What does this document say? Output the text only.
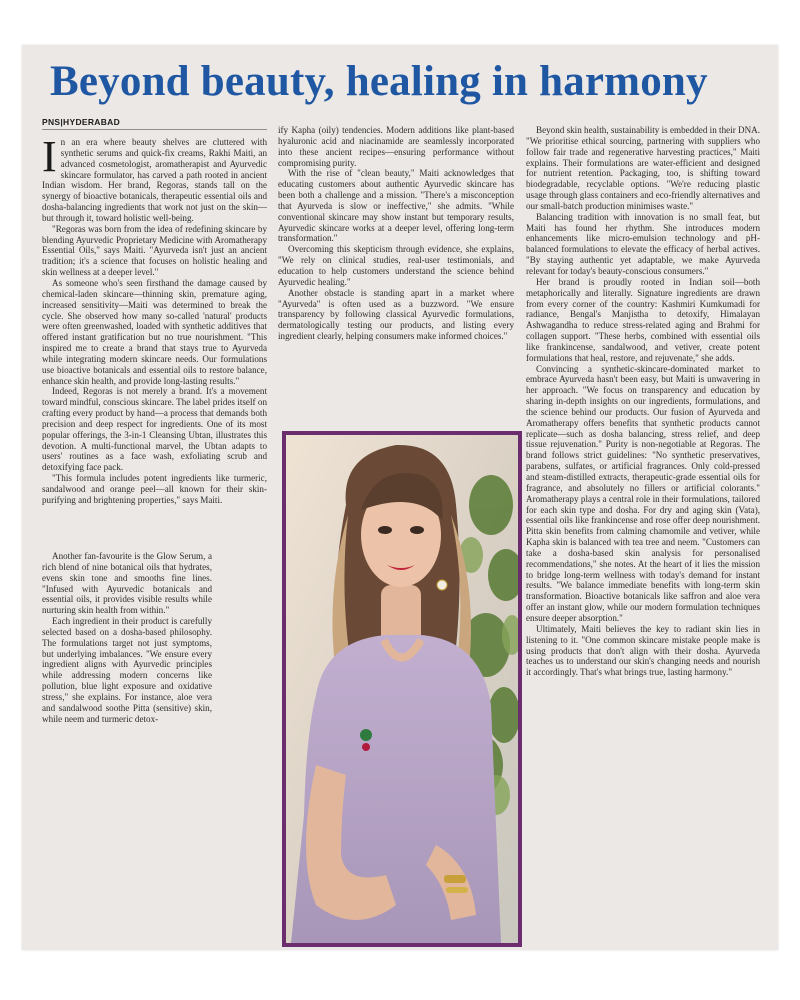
Beyond beauty, healing in harmony
PNS|HYDERABAD

In an era where beauty shelves are cluttered with synthetic serums and quick-fix creams, Rakhi Maiti, an advanced cosmetologist, aromatherapist and Ayurvedic skincare formulator, has carved a path rooted in ancient Indian wisdom. Her brand, Regoras, stands tall on the synergy of bioactive botanicals, therapeutic essential oils and dosha-balancing ingredients that work not just on the skin—but through it, toward holistic well-being.

"Regoras was born from the idea of redefining skincare by blending Ayurvedic Proprietary Medicine with Aromatherapy Essential Oils," says Maiti. "Ayurveda isn't just an ancient tradition; it's a science that focuses on holistic healing and skin wellness at a deeper level."

As someone who's seen firsthand the damage caused by chemical-laden skincare—thinning skin, premature aging, increased sensitivity—Maiti was determined to break the cycle. She observed how many so-called 'natural' products were often greenwashed, loaded with synthetic additives that offered instant gratification but no true nourishment. "This inspired me to create a brand that stays true to Ayurveda while integrating modern skincare needs. Our formulations use bioactive botanicals and essential oils to restore balance, enhance skin health, and provide long-lasting results."

Indeed, Regoras is not merely a brand. It's a movement toward mindful, conscious skincare. The label prides itself on crafting every product by hand—a process that demands both precision and deep respect for ingredients. One of its most popular offerings, the 3-in-1 Cleansing Ubtan, illustrates this devotion. A multi-functional marvel, the Ubtan adapts to users' routines as a face wash, exfoliating scrub and detoxifying face pack.

"This formula includes potent ingredients like turmeric, sandalwood and orange peel—all known for their skin-purifying and brightening properties," says Maiti.

Another fan-favourite is the Glow Serum, a rich blend of nine botanical oils that hydrates, evens skin tone and smooths fine lines. "Infused with Ayurvedic botanicals and essential oils, it provides visible results while nurturing skin health from within."

Each ingredient in their product is carefully selected based on a dosha-based philosophy. The formulations target not just symptoms, but underlying imbalances. "We ensure every ingredient aligns with Ayurvedic principles while addressing modern concerns like pollution, blue light exposure and oxidative stress," she explains. For instance, aloe vera and sandalwood soothe Pitta (sensitive) skin, while neem and turmeric detox-

ify Kapha (oily) tendencies. Modern additions like plant-based hyaluronic acid and niacinamide are seamlessly incorporated into these ancient recipes—ensuring performance without compromising purity.

With the rise of "clean beauty," Maiti acknowledges that educating customers about authentic Ayurvedic skincare has been both a challenge and a mission. "There's a misconception that Ayurveda is slow or ineffective," she admits. "While conventional skincare may show instant but temporary results, Ayurvedic skincare works at a deeper level, offering long-term transformation."

Overcoming this skepticism through evidence, she explains, "We rely on clinical studies, real-user testimonials, and education to help customers understand the science behind Ayurvedic healing."

Another obstacle is standing apart in a market where "Ayurveda" is often used as a buzzword. "We ensure transparency by following classical Ayurvedic formulations, dermatologically testing our products, and listing every ingredient clearly, helping consumers make informed choices."

Beyond skin health, sustainability is embedded in their DNA. "We prioritise ethical sourcing, partnering with suppliers who follow fair trade and regenerative harvesting practices," Maiti explains. Their formulations are water-efficient and designed for nutrient retention. Packaging, too, is shifting toward biodegradable, recyclable options. "We're reducing plastic usage through glass containers and eco-friendly alternatives and our small-batch production minimises waste."

Balancing tradition with innovation is no small feat, but Maiti has found her rhythm. She introduces modern enhancements like micro-emulsion technology and pH-balanced formulations to elevate the efficacy of herbal actives. "By staying authentic yet adaptable, we make Ayurveda relevant for today's beauty-conscious consumers."

Her brand is proudly rooted in Indian soil—both metaphorically and literally. Signature ingredients are drawn from every corner of the country: Kashmiri Kumkumadi for radiance, Bengal's Manjistha to detoxify, Himalayan Ashwagandha to reduce stress-related aging and Brahmi for collagen support. "These herbs, combined with essential oils like frankincense, sandalwood, and vetiver, create potent formulations that heal, restore, and rejuvenate," she adds.

Convincing a synthetic-skincare-dominated market to embrace Ayurveda hasn't been easy, but Maiti is unwavering in her approach. "We focus on transparency and education by sharing in-depth insights on our ingredients, formulations, and the science behind our products. Our fusion of Ayurveda and Aromatherapy offers benefits that synthetic products cannot replicate—such as dosha balancing, stress relief, and deep tissue rejuvenation." Purity is non-negotiable at Regoras. The brand follows strict guidelines: "No synthetic preservatives, parabens, sulfates, or artificial fragrances. Only cold-pressed and steam-distilled extracts, therapeutic-grade essential oils for fragrance, and absolutely no fillers or artificial colorants." Aromatherapy plays a central role in their formulations, tailored for each skin type and dosha. For dry and aging skin (Vata), essential oils like frankincense and rose offer deep nourishment. Pitta skin benefits from calming chamomile and vetiver, while Kapha skin is balanced with tea tree and neem. "Customers can take a dosha-based skin analysis for personalised recommendations," she notes. At the heart of it lies the mission to bridge long-term wellness with today's demand for instant results. "We balance immediate benefits with long-term skin transformation. Bioactive botanicals like saffron and aloe vera offer an instant glow, while our modern formulation techniques ensure deeper absorption."

Ultimately, Maiti believes the key to radiant skin lies in listening to it. "One common skincare mistake people make is using products that don't align with their dosha. Ayurveda teaches us to understand our skin's changing needs and nourish it accordingly. That's what brings true, lasting harmony."
